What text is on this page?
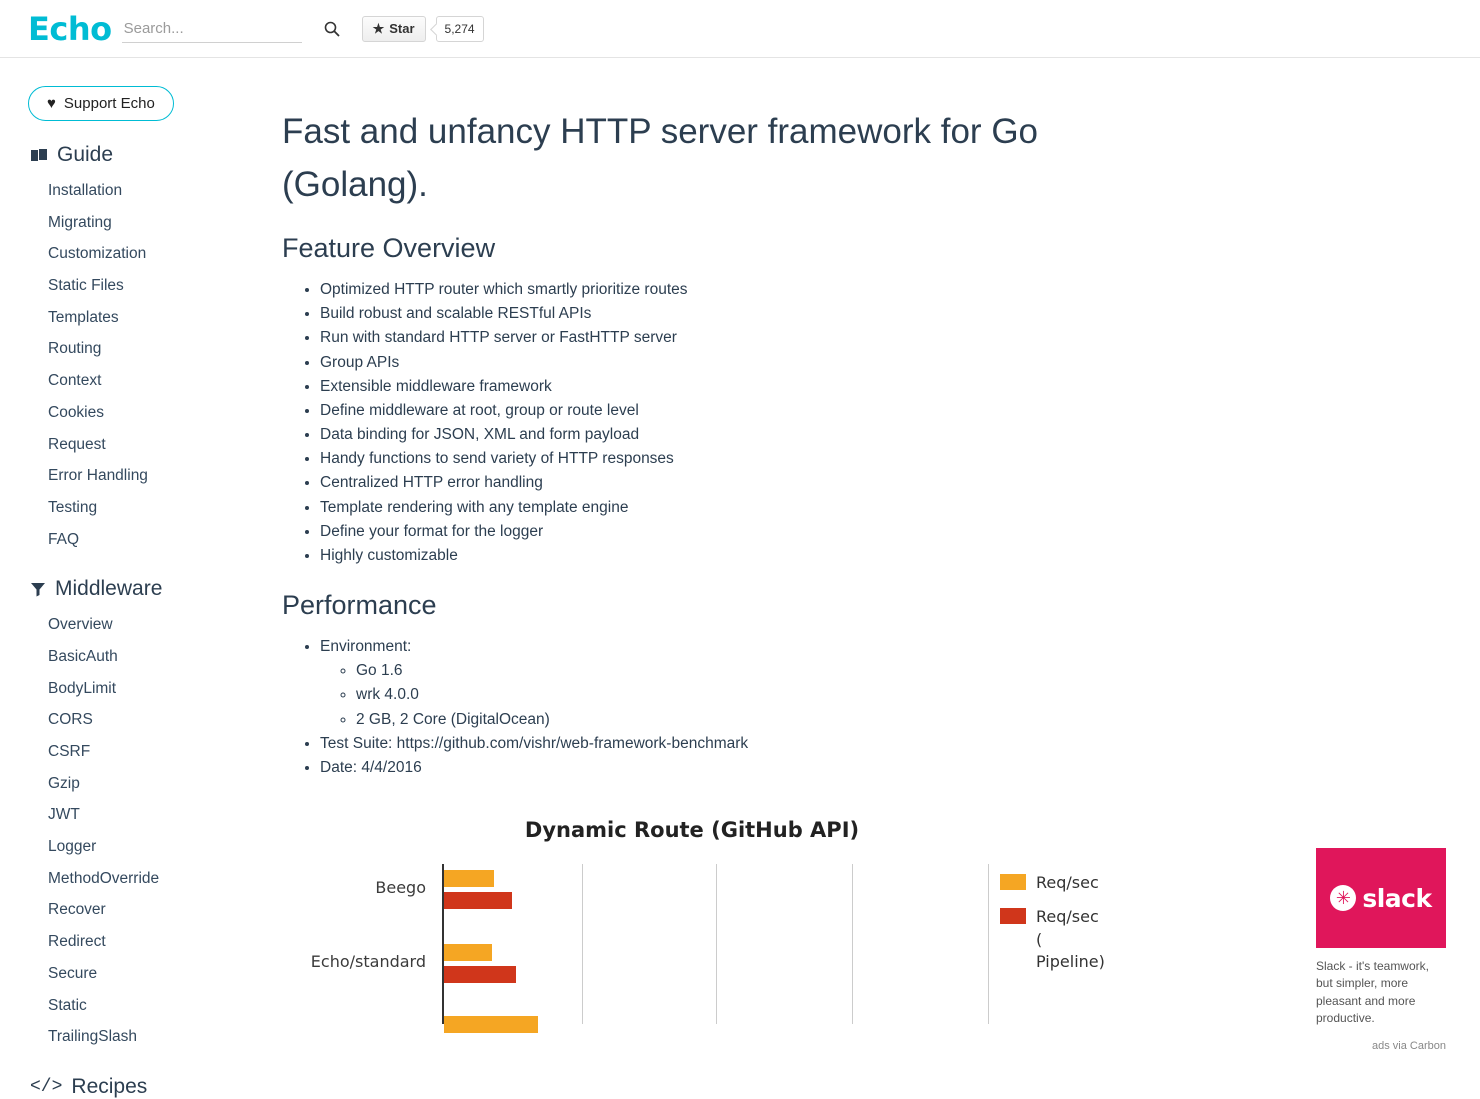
Echo
Search...	★ Star	5,274
♥ Support Echo
Guide
Installation
Migrating
Customization
Static Files
Templates
Routing
Context
Cookies
Request
Error Handling
Testing
FAQ
Middleware
Overview
BasicAuth
BodyLimit
CORS
CSRF
Gzip
JWT
Logger
MethodOverride
Recover
Redirect
Secure
Static
TrailingSlash
</> Recipes
Fast and unfancy HTTP server framework for Go (Golang).
Feature Overview
• Optimized HTTP router which smartly prioritize routes
• Build robust and scalable RESTful APIs
• Run with standard HTTP server or FastHTTP server
• Group APIs
• Extensible middleware framework
• Define middleware at root, group or route level
• Data binding for JSON, XML and form payload
• Handy functions to send variety of HTTP responses
• Centralized HTTP error handling
• Template rendering with any template engine
• Define your format for the logger
• Highly customizable
Performance
• Environment:
◦ Go 1.6
◦ wrk 4.0.0
◦ 2 GB, 2 Core (DigitalOcean)
• Test Suite: https://github.com/vishr/web-framework-benchmark
• Date: 4/4/2016
Dynamic Route (GitHub API)
Beego
Echo/standard

Req/sec
Req/sec ( Pipeline)
✳ slack
Slack - it's teamwork, but simpler, more pleasant and more productive.
ads via Carbon
